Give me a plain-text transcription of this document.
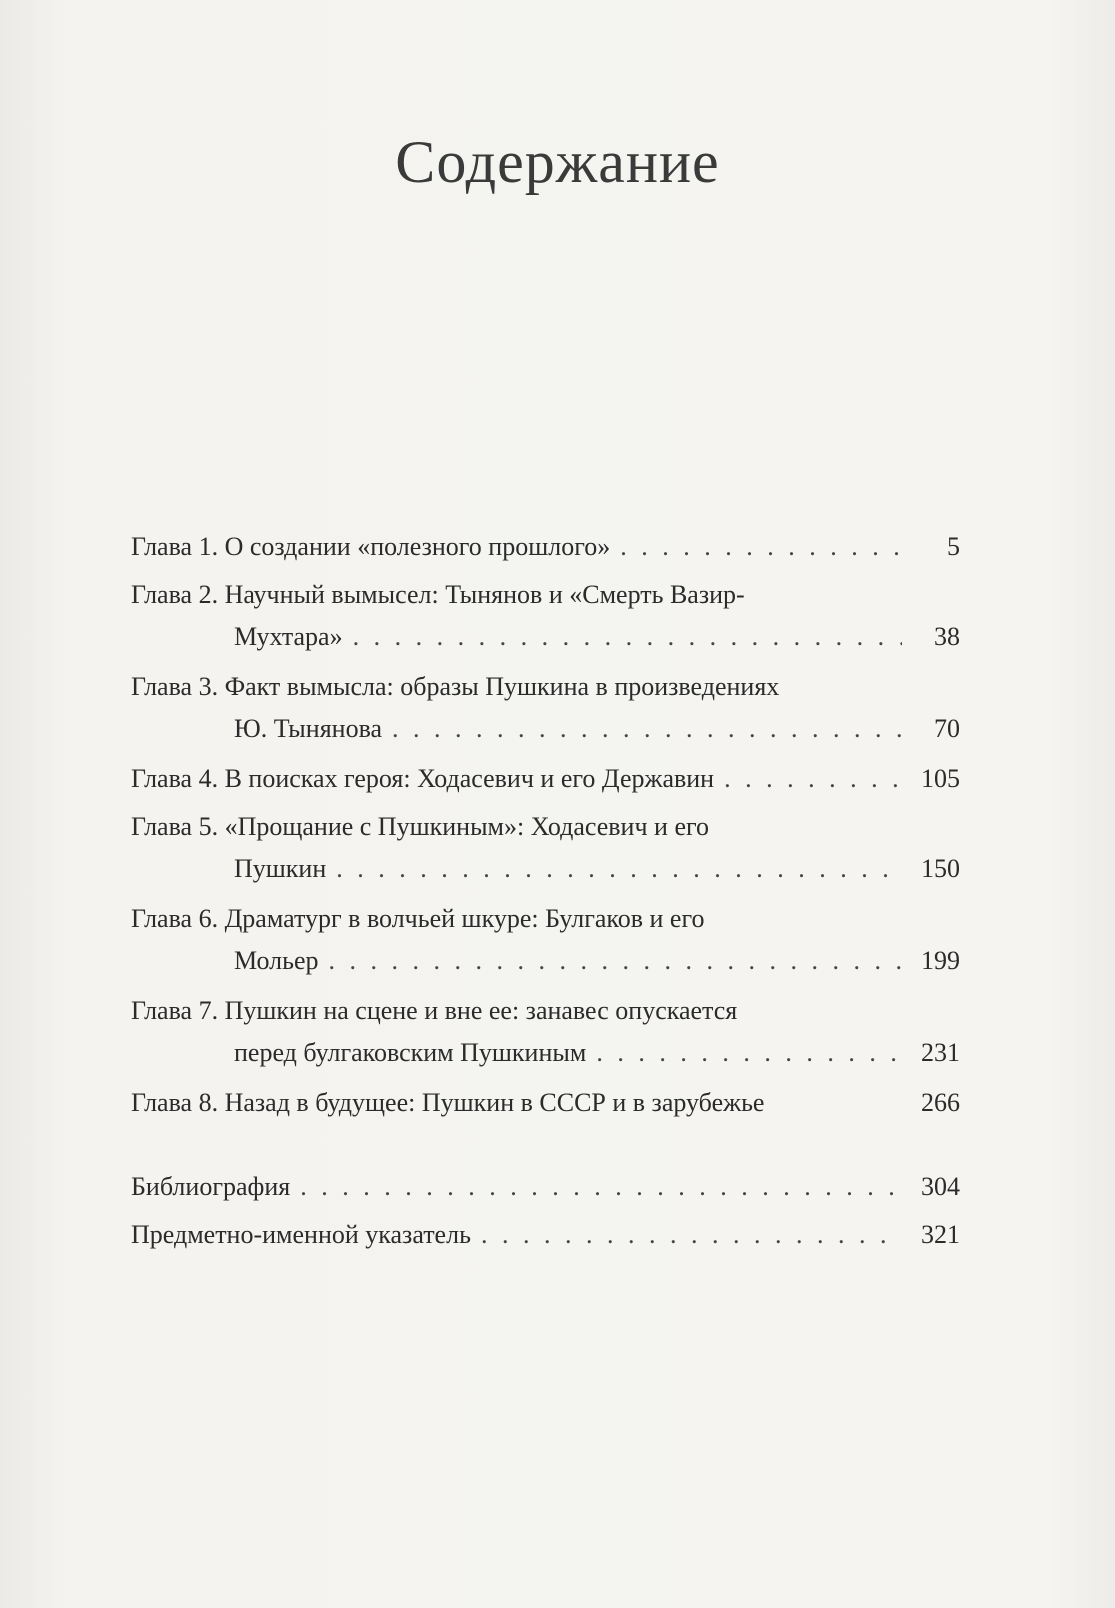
Содержание
Глава 1. О создании «полезного прошлого» . . .	5
Глава 2. Научный вымысел: Тынянов и «Смерть Вазир-
Мухтара» . . .	38
Глава 3. Факт вымысла: образы Пушкина в произведениях
Ю. Тынянова . . .	70
Глава 4. В поисках героя: Ходасевич и его Державин . . .	105
Глава 5. «Прощание с Пушкиным»: Ходасевич и его
Пушкин . . .	150
Глава 6. Драматург в волчьей шкуре: Булгаков и его
Мольер . . .	199
Глава 7. Пушкин на сцене и вне ее: занавес опускается
перед булгаковским Пушкиным . . .	231
Глава 8. Назад в будущее: Пушкин в СССР и в зарубежье	266
Библиография . . .	304
Предметно-именной указатель . . .	321
